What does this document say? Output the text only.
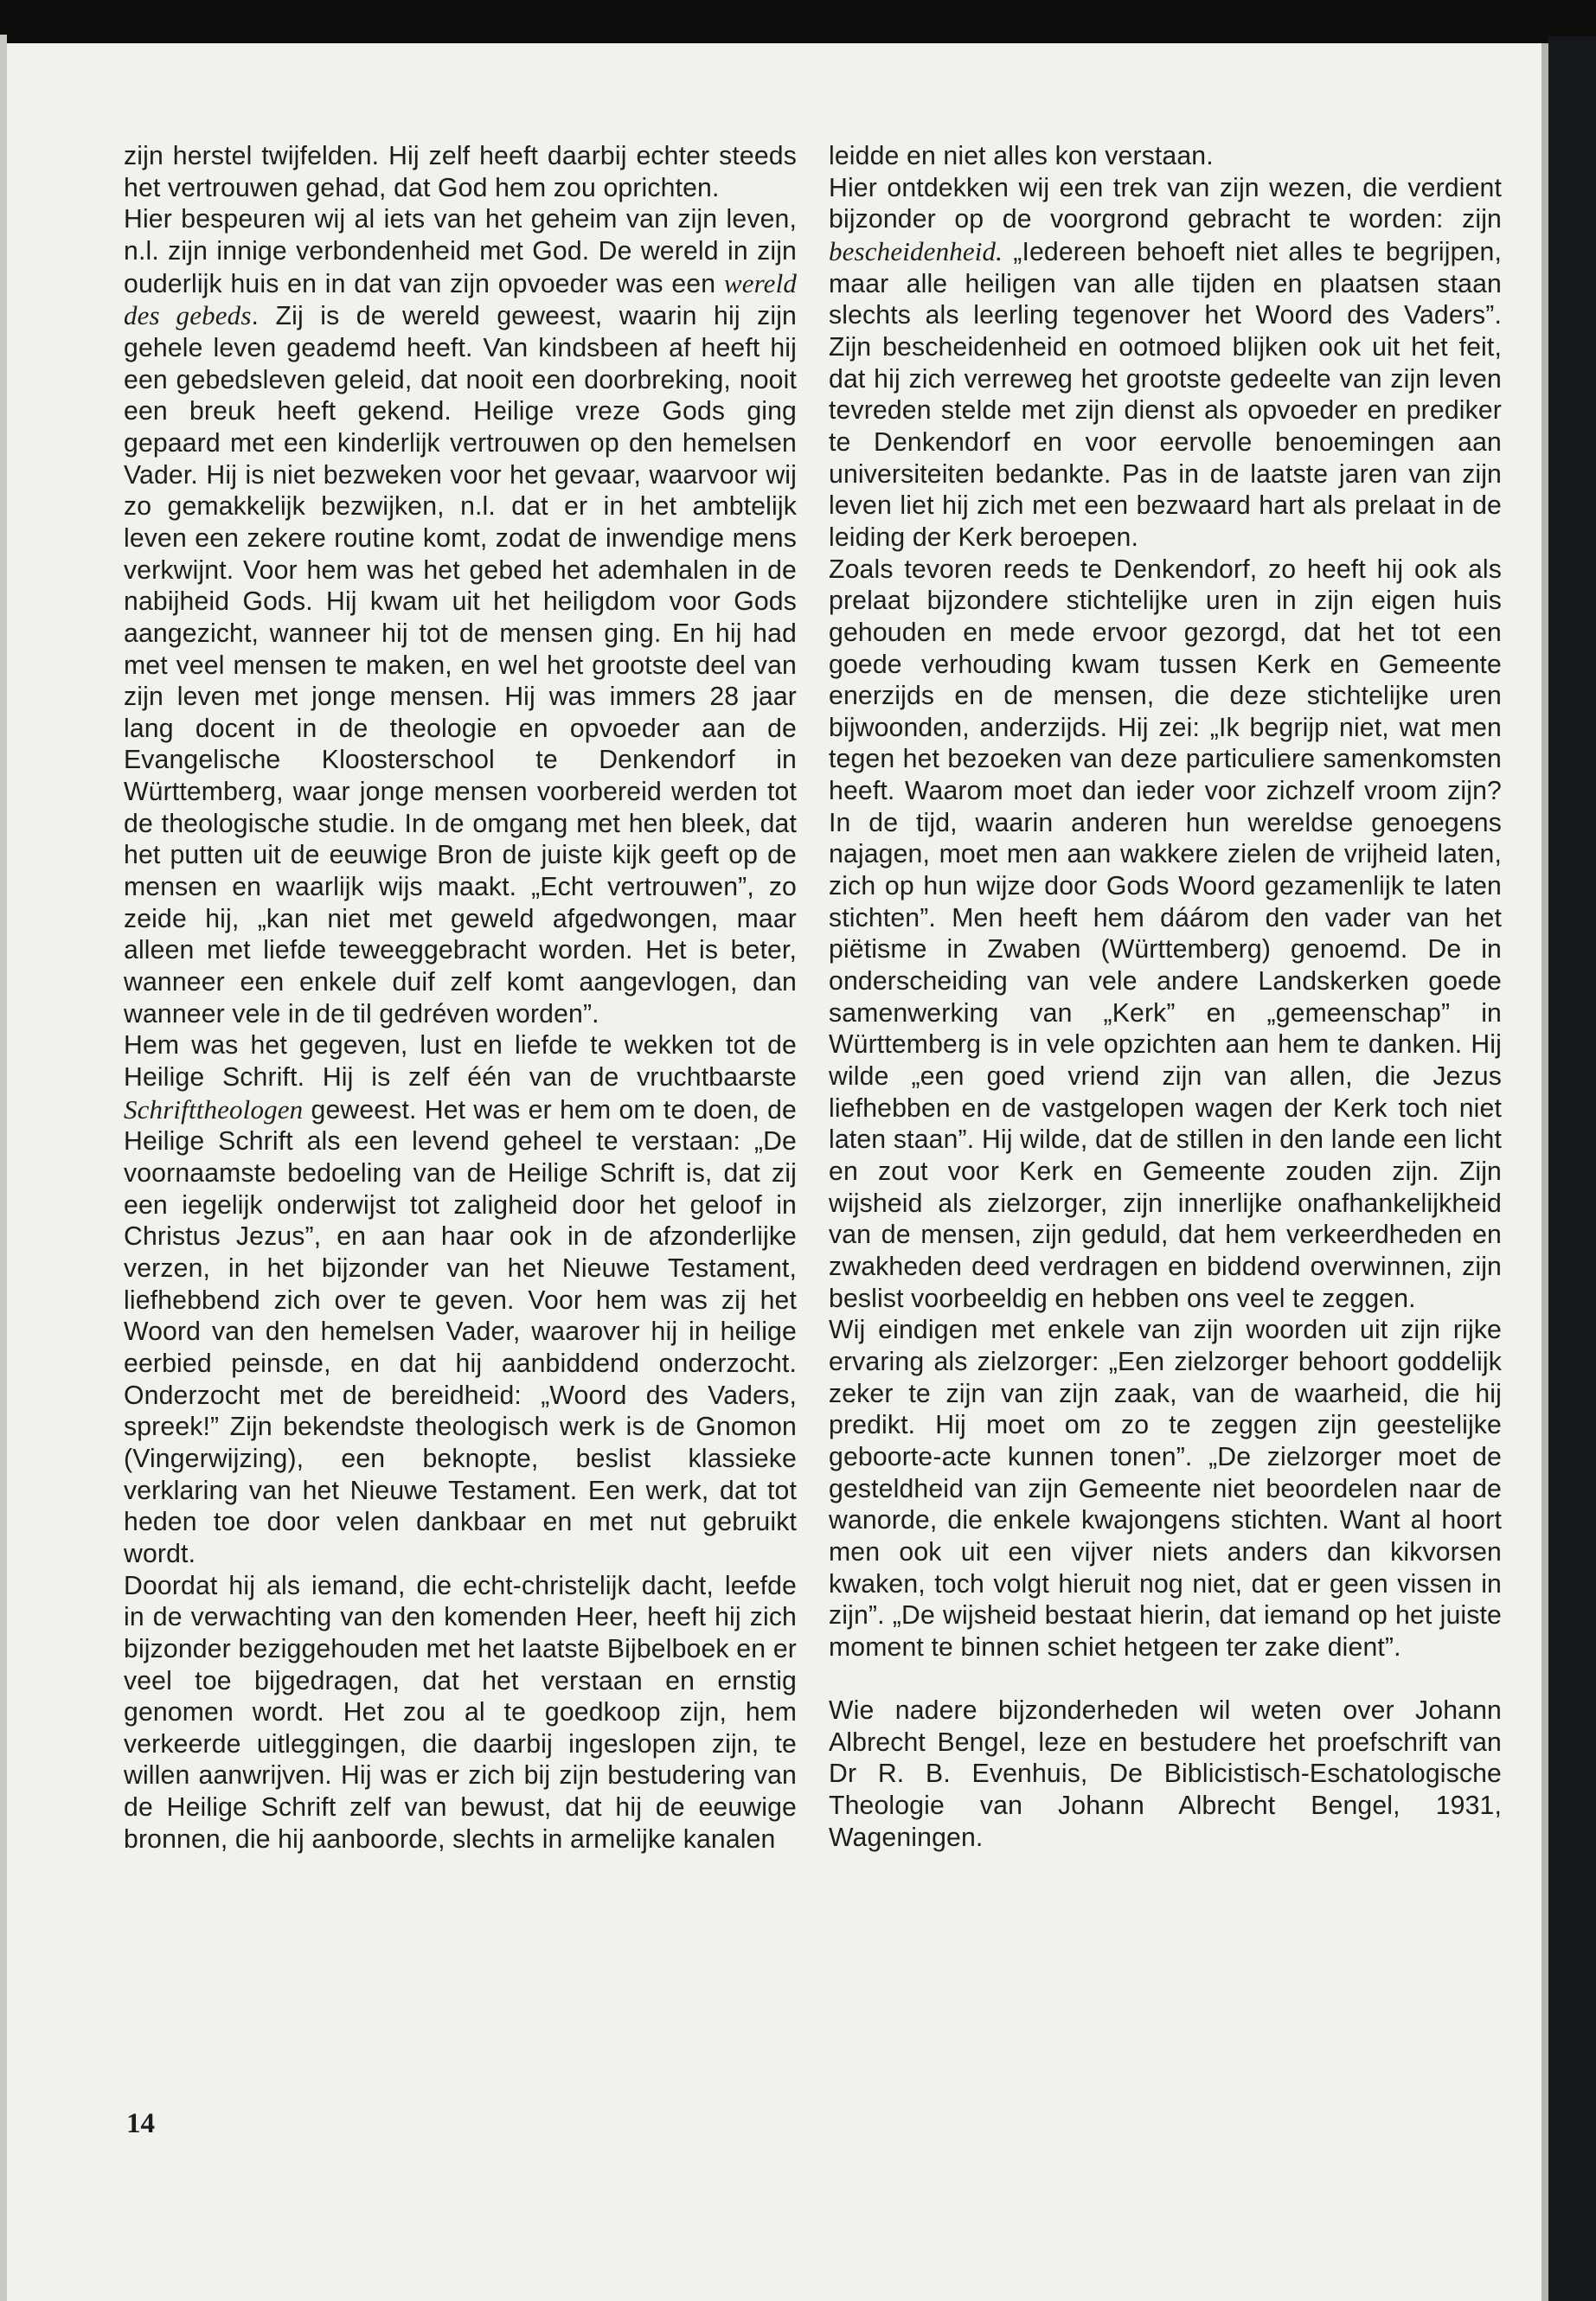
zijn herstel twijfelden. Hij zelf heeft daarbij echter steeds het vertrouwen gehad, dat God hem zou oprichten.

Hier bespeuren wij al iets van het geheim van zijn leven, n.l. zijn innige verbondenheid met God. De wereld in zijn ouderlijk huis en in dat van zijn opvoeder was een wereld des gebeds. Zij is de wereld geweest, waarin hij zijn gehele leven geademd heeft. Van kindsbeen af heeft hij een gebedsleven geleid, dat nooit een doorbreking, nooit een breuk heeft gekend. Heilige vreze Gods ging gepaard met een kinderlijk vertrouwen op den hemelsen Vader. Hij is niet bezweken voor het gevaar, waarvoor wij zo gemakkelijk bezwijken, n.l. dat er in het ambtelijk leven een zekere routine komt, zodat de inwendige mens verkwijnt. Voor hem was het gebed het ademhalen in de nabijheid Gods. Hij kwam uit het heiligdom voor Gods aangezicht, wanneer hij tot de mensen ging. En hij had met veel mensen te maken, en wel het grootste deel van zijn leven met jonge mensen. Hij was immers 28 jaar lang docent in de theologie en opvoeder aan de Evangelische Kloosterschool te Denkendorf in Württemberg, waar jonge mensen voorbereid werden tot de theologische studie. In de omgang met hen bleek, dat het putten uit de eeuwige Bron de juiste kijk geeft op de mensen en waarlijk wijs maakt. „Echt vertrouwen”, zo zeide hij, „kan niet met geweld afgedwongen, maar alleen met liefde teweeggebracht worden. Het is beter, wanneer een enkele duif zelf komt aangevlogen, dan wanneer vele in de til gedréven worden”.

Hem was het gegeven, lust en liefde te wekken tot de Heilige Schrift. Hij is zelf één van de vruchtbaarste Schrifttheologen geweest. Het was er hem om te doen, de Heilige Schrift als een levend geheel te verstaan: „De voornaamste bedoeling van de Heilige Schrift is, dat zij een iegelijk onderwijst tot zaligheid door het geloof in Christus Jezus”, en aan haar ook in de afzonderlijke verzen, in het bijzonder van het Nieuwe Testament, liefhebbend zich over te geven. Voor hem was zij het Woord van den hemelsen Vader, waarover hij in heilige eerbied peinsde, en dat hij aanbiddend onderzocht. Onderzocht met de bereidheid: „Woord des Vaders, spreek!” Zijn bekendste theologisch werk is de Gnomon (Vingerwijzing), een beknopte, beslist klassieke verklaring van het Nieuwe Testament. Een werk, dat tot heden toe door velen dankbaar en met nut gebruikt wordt.

Doordat hij als iemand, die echt-christelijk dacht, leefde in de verwachting van den komenden Heer, heeft hij zich bijzonder beziggehouden met het laatste Bijbelboek en er veel toe bijgedragen, dat het verstaan en ernstig genomen wordt. Het zou al te goedkoop zijn, hem verkeerde uitleggingen, die daarbij ingeslopen zijn, te willen aanwrijven. Hij was er zich bij zijn bestudering van de Heilige Schrift zelf van bewust, dat hij de eeuwige bronnen, die hij aanboorde, slechts in armelijke kanalen

leidde en niet alles kon verstaan.

Hier ontdekken wij een trek van zijn wezen, die verdient bijzonder op de voorgrond gebracht te worden: zijn bescheidenheid. „Iedereen behoeft niet alles te begrijpen, maar alle heiligen van alle tijden en plaatsen staan slechts als leerling tegenover het Woord des Vaders”. Zijn bescheidenheid en ootmoed blijken ook uit het feit, dat hij zich verreweg het grootste gedeelte van zijn leven tevreden stelde met zijn dienst als opvoeder en prediker te Denkendorf en voor eervolle benoemingen aan universiteiten bedankte. Pas in de laatste jaren van zijn leven liet hij zich met een bezwaard hart als prelaat in de leiding der Kerk beroepen.

Zoals tevoren reeds te Denkendorf, zo heeft hij ook als prelaat bijzondere stichtelijke uren in zijn eigen huis gehouden en mede ervoor gezorgd, dat het tot een goede verhouding kwam tussen Kerk en Gemeente enerzijds en de mensen, die deze stichtelijke uren bijwoonden, anderzijds. Hij zei: „Ik begrijp niet, wat men tegen het bezoeken van deze particuliere samenkomsten heeft. Waarom moet dan ieder voor zichzelf vroom zijn? In de tijd, waarin anderen hun wereldse genoegens najagen, moet men aan wakkere zielen de vrijheid laten, zich op hun wijze door Gods Woord gezamenlijk te laten stichten”. Men heeft hem dáárom den vader van het piëtisme in Zwaben (Württemberg) genoemd. De in onderscheiding van vele andere Landskerken goede samenwerking van „Kerk” en „gemeenschap” in Württemberg is in vele opzichten aan hem te danken. Hij wilde „een goed vriend zijn van allen, die Jezus liefhebben en de vastgelopen wagen der Kerk toch niet laten staan”. Hij wilde, dat de stillen in den lande een licht en zout voor Kerk en Gemeente zouden zijn. Zijn wijsheid als zielzorger, zijn innerlijke onafhankelijkheid van de mensen, zijn geduld, dat hem verkeerdheden en zwakheden deed verdragen en biddend overwinnen, zijn beslist voorbeeldig en hebben ons veel te zeggen.

Wij eindigen met enkele van zijn woorden uit zijn rijke ervaring als zielzorger: „Een zielzorger behoort goddelijk zeker te zijn van zijn zaak, van de waarheid, die hij predikt. Hij moet om zo te zeggen zijn geestelijke geboorte-acte kunnen tonen”. „De zielzorger moet de gesteldheid van zijn Gemeente niet beoordelen naar de wanorde, die enkele kwajongens stichten. Want al hoort men ook uit een vijver niets anders dan kikvorsen kwaken, toch volgt hieruit nog niet, dat er geen vissen in zijn”. „De wijsheid bestaat hierin, dat iemand op het juiste moment te binnen schiet hetgeen ter zake dient”.

Wie nadere bijzonderheden wil weten over Johann Albrecht Bengel, leze en bestudere het proefschrift van Dr R. B. Evenhuis, De Biblicistisch-Eschatologische Theologie van Johann Albrecht Bengel, 1931, Wageningen.

14
